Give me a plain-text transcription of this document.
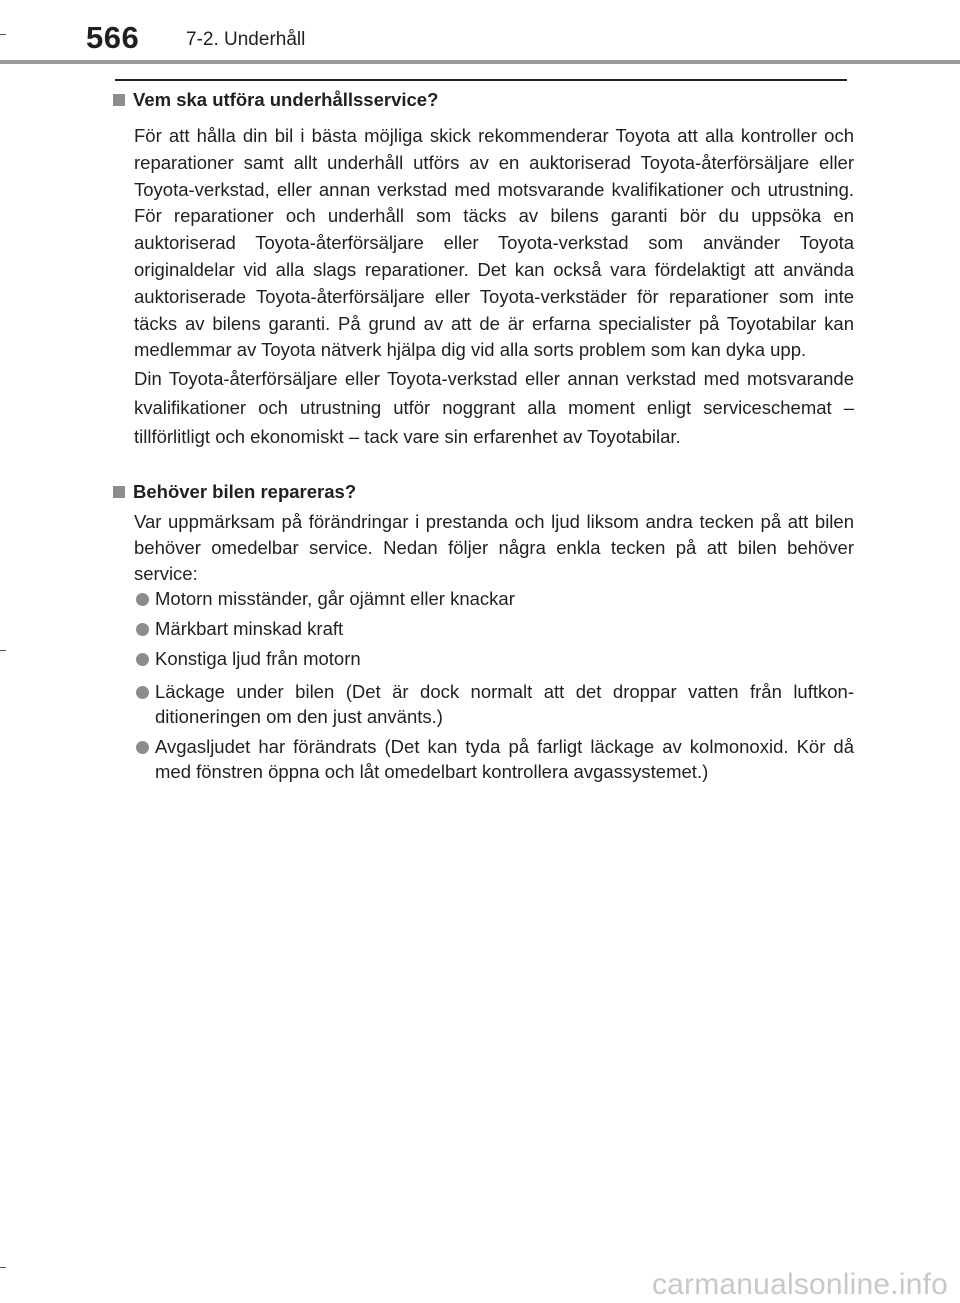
566 7-2. Underhåll
Vem ska utföra underhållsservice?
För att hålla din bil i bästa möjliga skick rekommenderar Toyota att alla kontroller och reparationer samt allt underhåll utförs av en auktoriserad Toyota-återförsäljare eller Toyota-verkstad, eller annan verkstad med motsvarande kvalifikationer och utrustning. För reparationer och underhåll som täcks av bilens garanti bör du uppsöka en auktoriserad Toyota-återförsäljare eller Toyota-verkstad som använder Toyota originaldelar vid alla slags reparationer. Det kan också vara fördelaktigt att använda auktoriserade Toyota-återförsäljare eller Toyota-verkstäder för reparationer som inte täcks av bilens garanti. På grund av att de är erfarna specialister på Toyotabilar kan medlemmar av Toyota nätverk hjälpa dig vid alla sorts problem som kan dyka upp.
Din Toyota-återförsäljare eller Toyota-verkstad eller annan verkstad med motsvarande kvalifikationer och utrustning utför noggrant alla moment enligt serviceschemat – tillförlitligt och ekonomiskt – tack vare sin erfarenhet av Toyotabilar.
Behöver bilen repareras?
Var uppmärksam på förändringar i prestanda och ljud liksom andra tecken på att bilen behöver omedelbar service. Nedan följer några enkla tecken på att bilen behöver service:
Motorn misständer, går ojämnt eller knackar
Märkbart minskad kraft
Konstiga ljud från motorn
Läckage under bilen (Det är dock normalt att det droppar vatten från luftkonditioneringen om den just använts.)
Avgasljudet har förändrats (Det kan tyda på farligt läckage av kolmonoxid. Kör då med fönstren öppna och låt omedelbart kontrollera avgassystemet.)
carmanualsonline.info
